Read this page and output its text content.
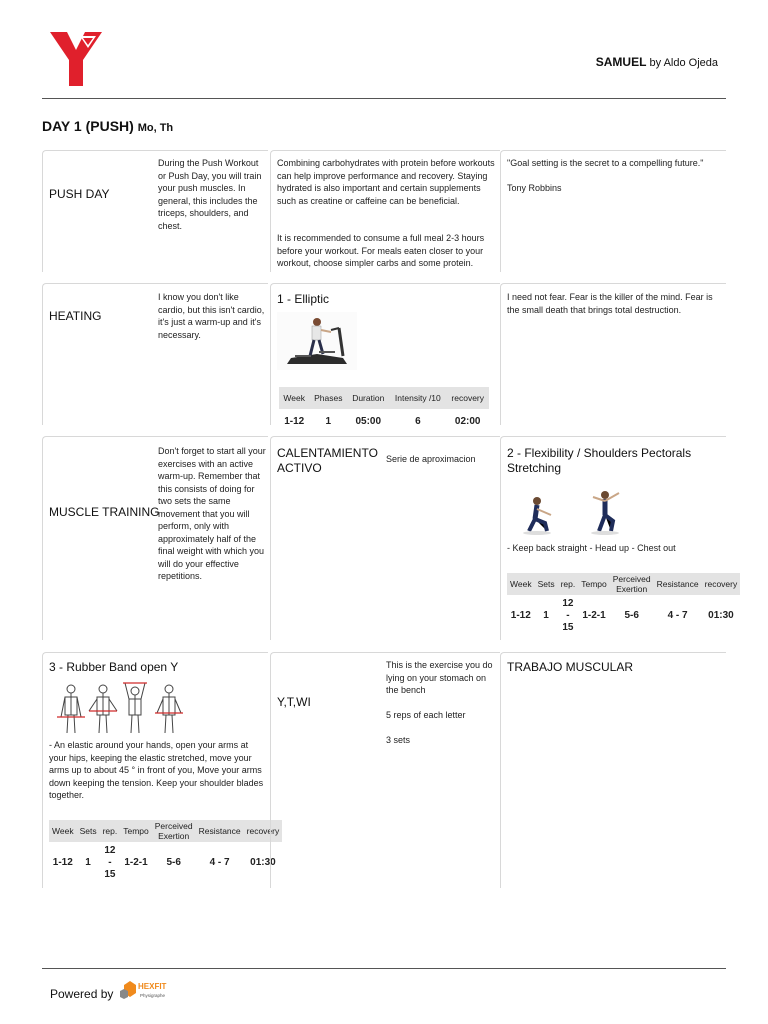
SAMUEL by Aldo Ojeda
DAY 1 (PUSH) Mo, Th
PUSH DAY
During the Push Workout or Push Day, you will train your push muscles. In general, this includes the triceps, shoulders, and chest.
Combining carbohydrates with protein before workouts can help improve performance and recovery. Staying hydrated is also important and certain supplements such as creatine or caffeine can be beneficial.
It is recommended to consume a full meal 2-3 hours before your workout. For meals eaten closer to your workout, choose simpler carbs and some protein.
"Goal setting is the secret to a compelling future."
Tony Robbins
HEATING
I know you don't like cardio, but this isn't cardio, it's just a warm-up and it's necessary.
1 - Elliptic
Week	Phases	Duration	Intensity /10	recovery
1-12	1	05:00	6	02:00
I need not fear. Fear is the killer of the mind. Fear is the small death that brings total destruction.
MUSCLE TRAINING
Don't forget to start all your exercises with an active warm-up. Remember that this consists of doing for two sets the same movement that you will perform, only with approximately half of the final weight with which you will do your effective repetitions.
CALENTAMIENTO ACTIVO
Serie de aproximacion	2 - Flexibility / Shoulders Pectorals Stretching
- Keep back straight - Head up - Chest out
Week	Sets	rep.	Tempo	Perceived Exertion	Resistance	recovery
1-12	1	12 - 15	1-2-1	5-6	4 - 7	01:30
3 - Rubber Band open Y
- An elastic around your hands, open your arms at your hips, keeping the elastic stretched, move your arms up to about 45 ° in front of you, Move your arms down keeping the tension. Keep your shoulder blades together.
Week	Sets	rep.	Tempo	Perceived Exertion	Resistance	recovery
1-12	1	12 - 15	1-2-1	5-6	4 - 7	01:30
Y,T,WI
This is the exercise you do lying on your stomach on the bench
5 reps of each letter
3 sets
TRABAJO MUSCULAR
Powered by
HEXFIT
Physigraphe
